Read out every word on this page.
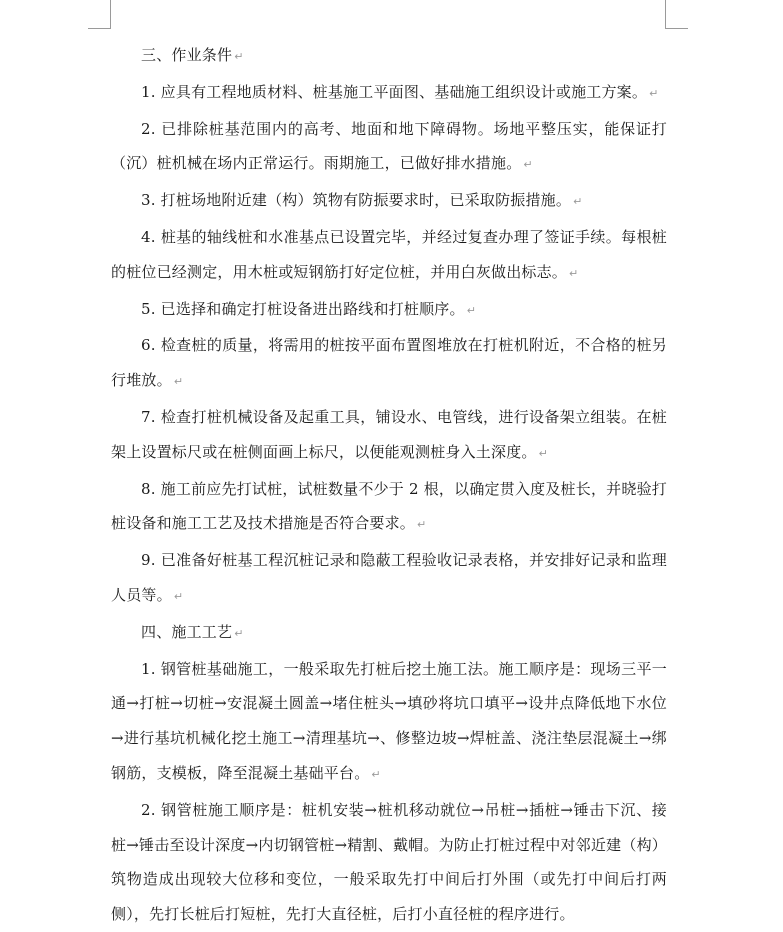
三、作业条件 ↵

1. 应具有工程地质材料、桩基施工平面图、基础施工组织设计或施工方案。 ↵

2. 已排除桩基范围内的高考、地面和地下障碍物。场地平整压实，能保证打（沉）桩机械在场内正常运行。雨期施工，已做好排水措施。 ↵

3. 打桩场地附近建（构）筑物有防振要求时，已采取防振措施。 ↵

4. 桩基的轴线桩和水准基点已设置完毕，并经过复查办理了签证手续。每根桩的桩位已经测定，用木桩或短钢筋打好定位桩，并用白灰做出标志。 ↵

5. 已选择和确定打桩设备进出路线和打桩顺序。 ↵

6. 检查桩的质量，将需用的桩按平面布置图堆放在打桩机附近，不合格的桩另行堆放。 ↵

7. 检查打桩机械设备及起重工具，铺设水、电管线，进行设备架立组装。在桩架上设置标尺或在桩侧面画上标尺，以便能观测桩身入土深度。 ↵

8. 施工前应先打试桩，试桩数量不少于 2 根，以确定贯入度及桩长，并晓验打桩设备和施工工艺及技术措施是否符合要求。 ↵

9. 已准备好桩基工程沉桩记录和隐蔽工程验收记录表格，并安排好记录和监理人员等。 ↵

四、施工工艺 ↵

1. 钢管桩基础施工，一般采取先打桩后挖土施工法。施工顺序是：现场三平一通→打桩→切桩→安混凝土圆盖→堵住桩头→填砂将坑口填平→设井点降低地下水位→进行基坑机械化挖土施工→清理基坑→、修整边坡→焊桩盖、浇注垫层混凝土→绑钢筋，支模板，降至混凝土基础平台。 ↵

2. 钢管桩施工顺序是：桩机安装→桩机移动就位→吊桩→插桩→锤击下沉、接桩→锤击至设计深度→内切钢管桩→精割、戴帽。为防止打桩过程中对邻近建（构）筑物造成出现较大位移和变位，一般采取先打中间后打外围（或先打中间后打两侧），先打长桩后打短桩，先打大直径桩，后打小直径桩的程序进行。
